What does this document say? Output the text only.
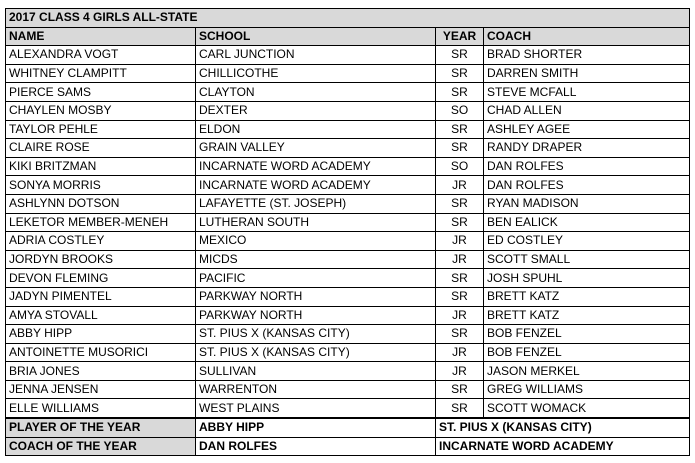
2017 CLASS 4 GIRLS ALL-STATE			
NAME	SCHOOL	YEAR	COACH
ALEXANDRA VOGT	CARL JUNCTION	SR	BRAD SHORTER
WHITNEY CLAMPITT	CHILLICOTHE	SR	DARREN SMITH
PIERCE SAMS	CLAYTON	SR	STEVE MCFALL
CHAYLEN MOSBY	DEXTER	SO	CHAD ALLEN
TAYLOR PEHLE	ELDON	SR	ASHLEY AGEE
CLAIRE ROSE	GRAIN VALLEY	SR	RANDY DRAPER
KIKI BRITZMAN	INCARNATE WORD ACADEMY	SO	DAN ROLFES
SONYA MORRIS	INCARNATE WORD ACADEMY	JR	DAN ROLFES
ASHLYNN DOTSON	LAFAYETTE (ST. JOSEPH)	SR	RYAN MADISON
LEKETOR MEMBER-MENEH	LUTHERAN SOUTH	SR	BEN EALICK
ADRIA COSTLEY	MEXICO	JR	ED COSTLEY
JORDYN BROOKS	MICDS	JR	SCOTT SMALL
DEVON FLEMING	PACIFIC	SR	JOSH SPUHL
JADYN PIMENTEL	PARKWAY NORTH	SR	BRETT KATZ
AMYA STOVALL	PARKWAY NORTH	JR	BRETT KATZ
ABBY HIPP	ST. PIUS X (KANSAS CITY)	SR	BOB FENZEL
ANTOINETTE MUSORICI	ST. PIUS X (KANSAS CITY)	JR	BOB FENZEL
BRIA JONES	SULLIVAN	JR	JASON MERKEL
JENNA JENSEN	WARRENTON	SR	GREG WILLIAMS
ELLE WILLIAMS	WEST PLAINS	SR	SCOTT WOMACK
PLAYER OF THE YEAR	ABBY HIPP	ST. PIUS X (KANSAS CITY)	
COACH OF THE YEAR	DAN ROLFES	INCARNATE WORD ACADEMY	
